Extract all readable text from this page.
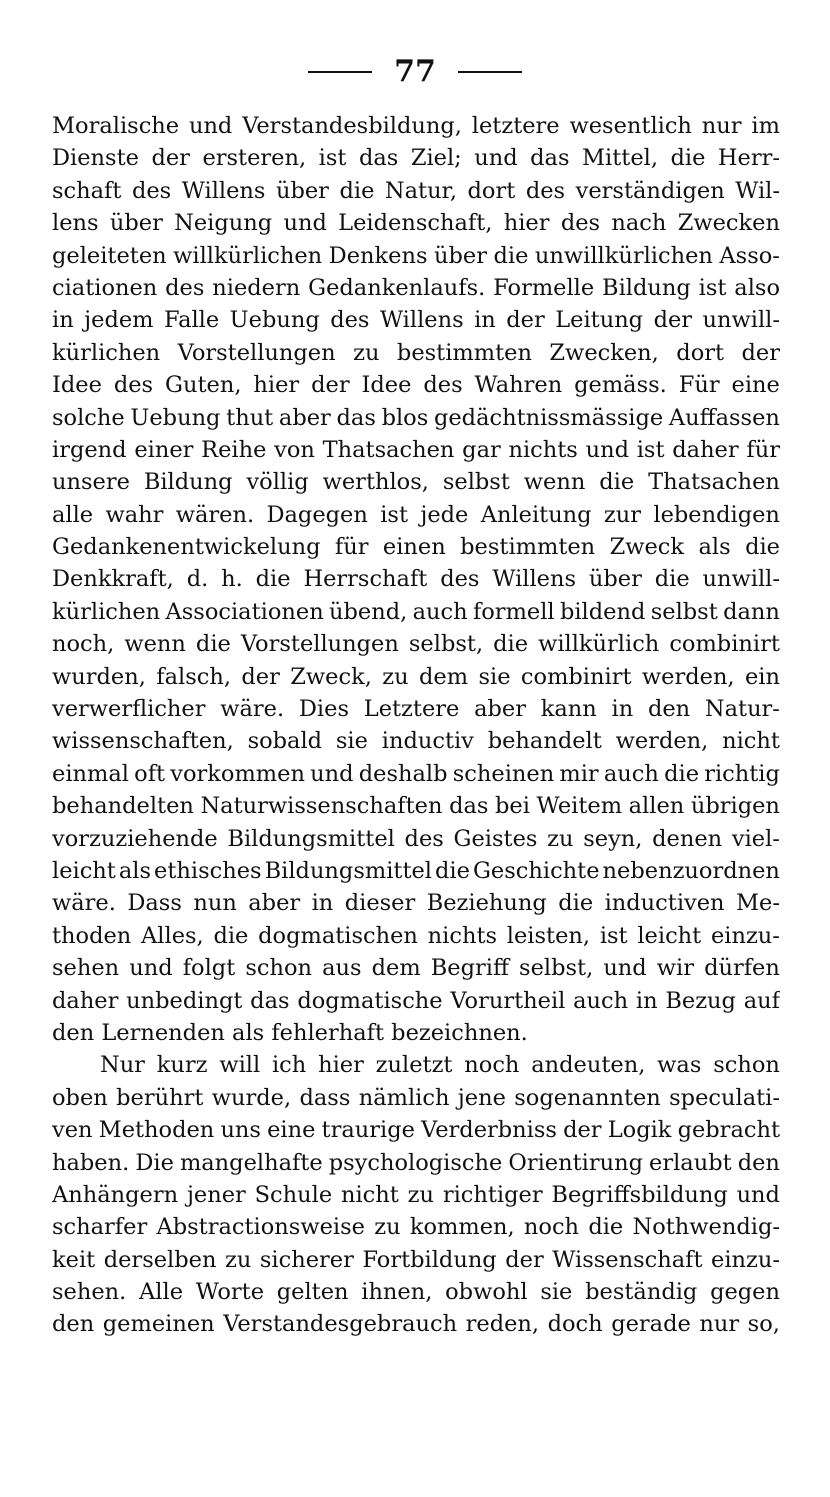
77
Moralische und Verstandesbildung, letztere wesentlich nur im
Dienste der ersteren, ist das Ziel; und das Mittel, die Herr-
schaft des Willens über die Natur, dort des verständigen Wil-
lens über Neigung und Leidenschaft, hier des nach Zwecken
geleiteten willkürlichen Denkens über die unwillkürlichen Asso-
ciationen des niedern Gedankenlaufs. Formelle Bildung ist also
in jedem Falle Uebung des Willens in der Leitung der unwill-
kürlichen Vorstellungen zu bestimmten Zwecken, dort der
Idee des Guten, hier der Idee des Wahren gemäss. Für eine
solche Uebung thut aber das blos gedächtnissmässige Auffassen
irgend einer Reihe von Thatsachen gar nichts und ist daher für
unsere Bildung völlig werthlos, selbst wenn die Thatsachen
alle wahr wären. Dagegen ist jede Anleitung zur lebendigen
Gedankenentwickelung für einen bestimmten Zweck als die
Denkkraft, d. h. die Herrschaft des Willens über die unwill-
kürlichen Associationen übend, auch formell bildend selbst dann
noch, wenn die Vorstellungen selbst, die willkürlich combinirt
wurden, falsch, der Zweck, zu dem sie combinirt werden, ein
verwerflicher wäre. Dies Letztere aber kann in den Natur-
wissenschaften, sobald sie inductiv behandelt werden, nicht
einmal oft vorkommen und deshalb scheinen mir auch die richtig
behandelten Naturwissenschaften das bei Weitem allen übrigen
vorzuziehende Bildungsmittel des Geistes zu seyn, denen viel-
leicht als ethisches Bildungsmittel die Geschichte nebenzuordnen
wäre. Dass nun aber in dieser Beziehung die inductiven Me-
thoden Alles, die dogmatischen nichts leisten, ist leicht einzu-
sehen und folgt schon aus dem Begriff selbst, und wir dürfen
daher unbedingt das dogmatische Vorurtheil auch in Bezug auf
den Lernenden als fehlerhaft bezeichnen.
Nur kurz will ich hier zuletzt noch andeuten, was schon
oben berührt wurde, dass nämlich jene sogenannten speculati-
ven Methoden uns eine traurige Verderbniss der Logik gebracht
haben. Die mangelhafte psychologische Orientirung erlaubt den
Anhängern jener Schule nicht zu richtiger Begriffsbildung und
scharfer Abstractionsweise zu kommen, noch die Nothwendig-
keit derselben zu sicherer Fortbildung der Wissenschaft einzu-
sehen. Alle Worte gelten ihnen, obwohl sie beständig gegen
den gemeinen Verstandesgebrauch reden, doch gerade nur so,
